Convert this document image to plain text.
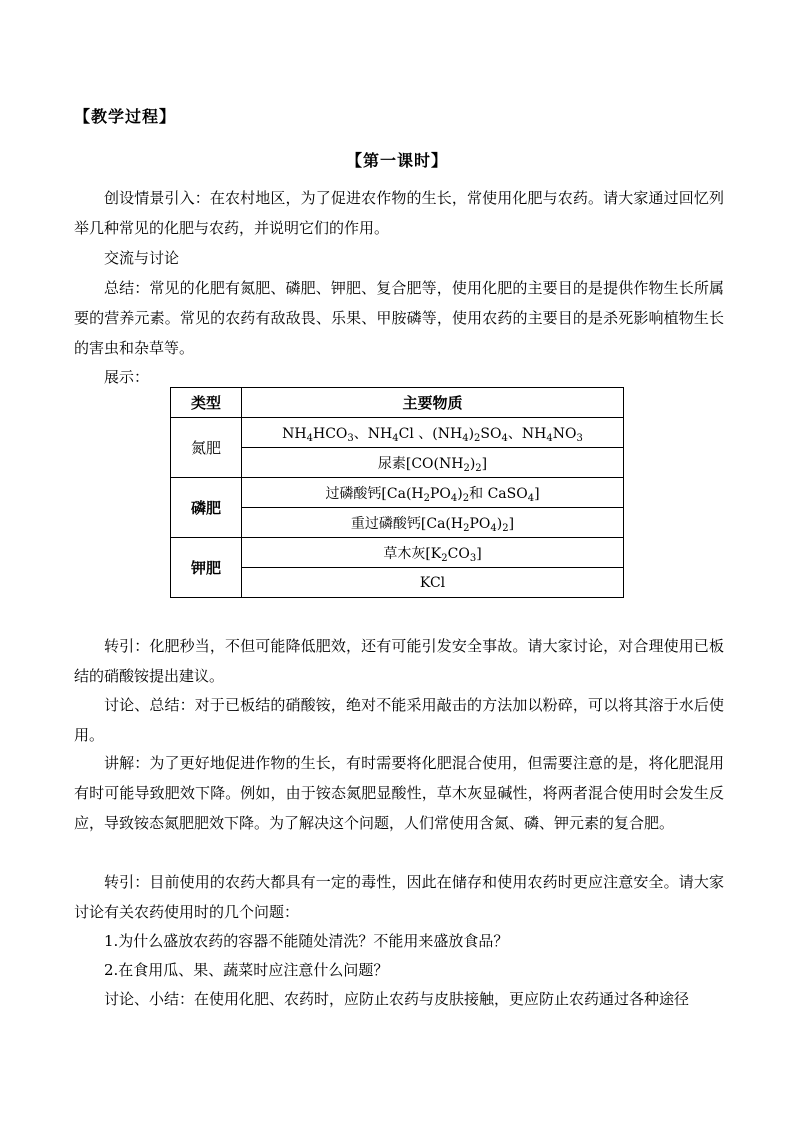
【教学过程】
【第一课时】
创设情景引入：在农村地区，为了促进农作物的生长，常使用化肥与农药。请大家通过回忆列举几种常见的化肥与农药，并说明它们的作用。
交流与讨论
总结：常见的化肥有氮肥、磷肥、钾肥、复合肥等，使用化肥的主要目的是提供作物生长所属要的营养元素。常见的农药有敌敌畏、乐果、甲胺磷等，使用农药的主要目的是杀死影响植物生长的害虫和杂草等。
展示：
类型	主要物质
氮肥	$NH_4HCO_3$、$NH_4Cl$ 、$(NH_4)_2SO_4$、$NH_4NO_3$
	尿素$[CO(NH_2)_2]$
磷肥	过磷酸钙[$Ca(H_2PO_4)_2$和 CaSO$_4$]
	重过磷酸钙$[Ca(H_2PO_4)_2]$
钾肥	草木灰$[K_2CO_3]$
	KCl
转引：化肥秒当，不但可能降低肥效，还有可能引发安全事故。请大家讨论，对合理使用已板结的硝酸铵提出建议。
讨论、总结：对于已板结的硝酸铵，绝对不能采用敲击的方法加以粉碎，可以将其溶于水后使用。
讲解：为了更好地促进作物的生长，有时需要将化肥混合使用，但需要注意的是，将化肥混用有时可能导致肥效下降。例如，由于铵态氮肥显酸性，草木灰显碱性，将两者混合使用时会发生反应，导致铵态氮肥肥效下降。为了解决这个问题，人们常使用含氮、磷、钾元素的复合肥。
转引：目前使用的农药大都具有一定的毒性，因此在储存和使用农药时更应注意安全。请大家讨论有关农药使用时的几个问题：
1.为什么盛放农药的容器不能随处清洗？不能用来盛放食品？
2.在食用瓜、果、蔬菜时应注意什么问题？
讨论、小结：在使用化肥、农药时，应防止农药与皮肤接触，更应防止农药通过各种途径
